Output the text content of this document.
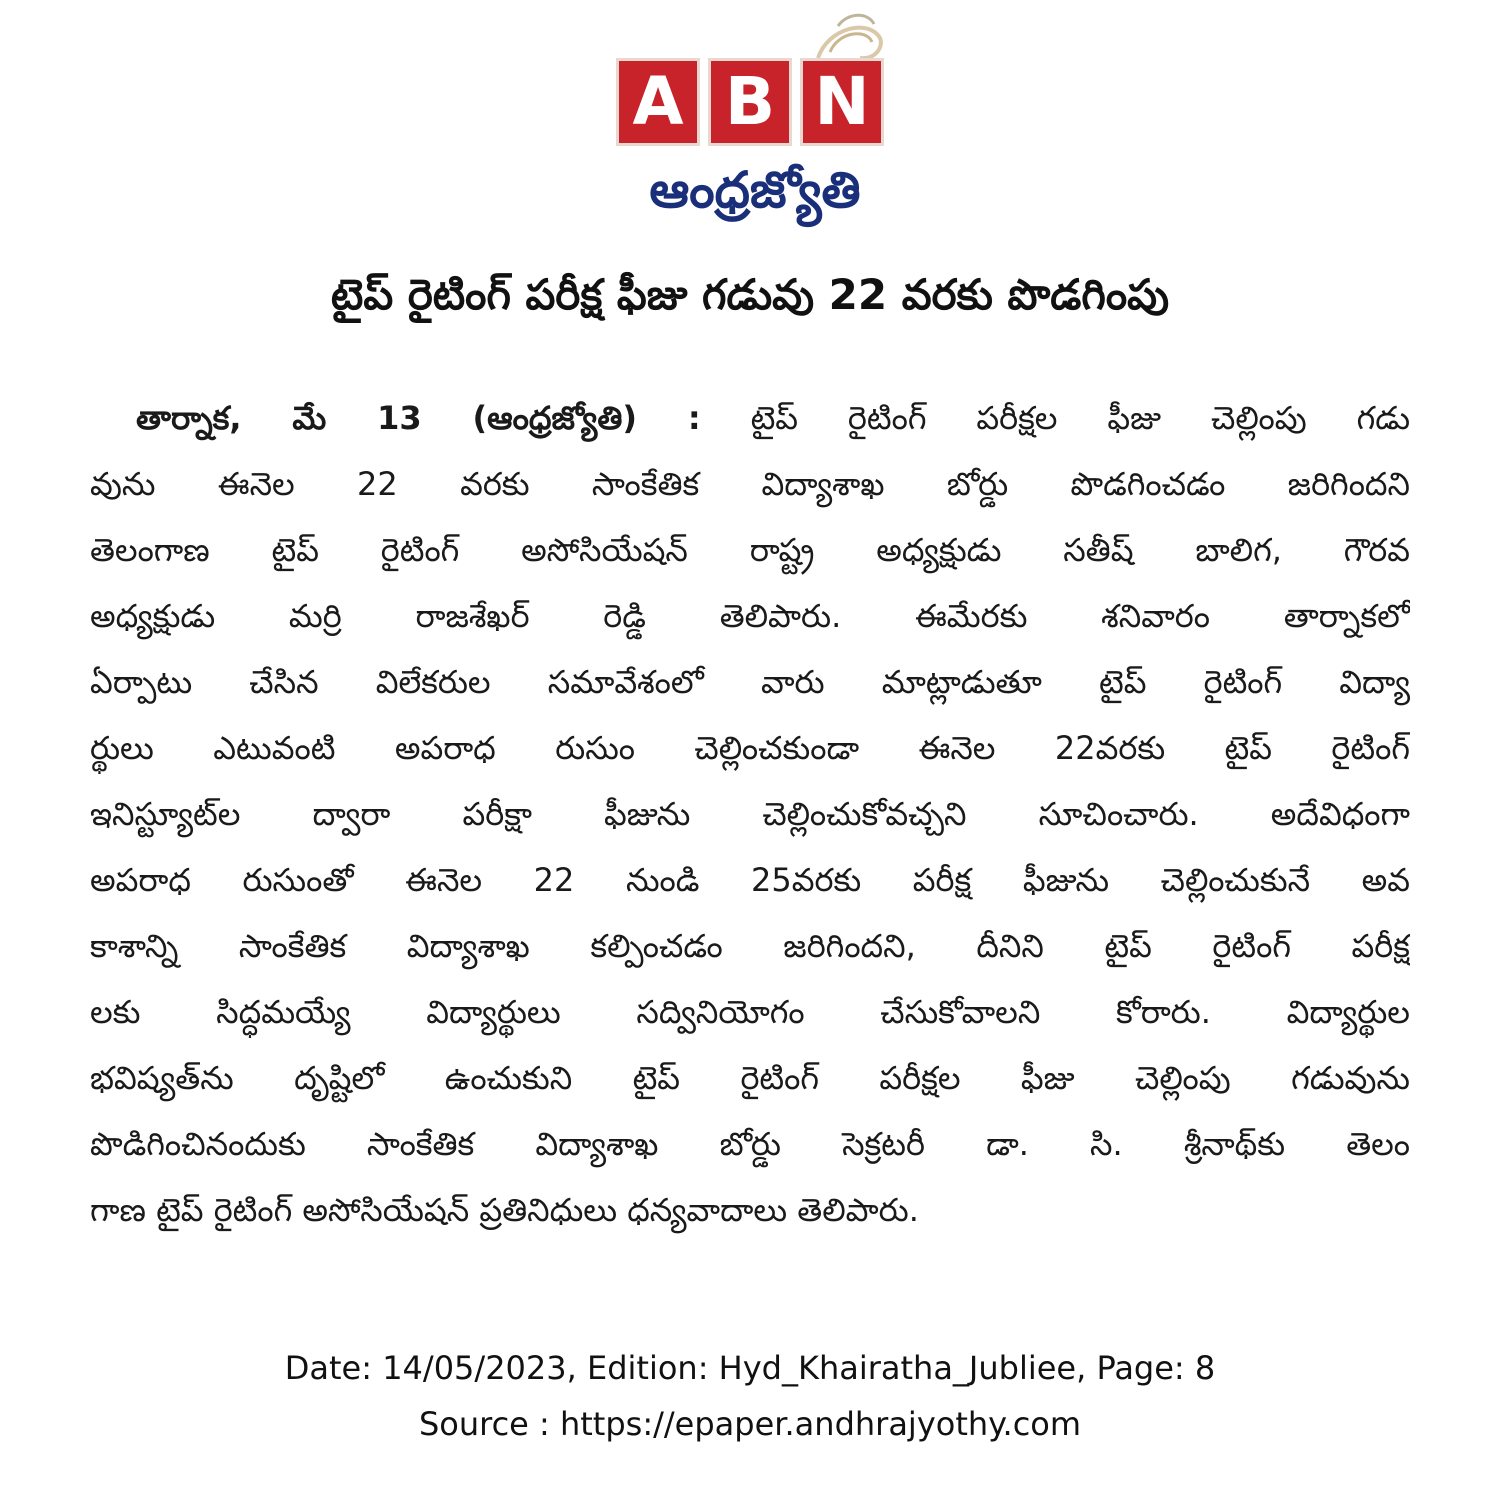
A B N
ఆంధ్రజ్యోతి
టైప్ రైటింగ్ పరీక్ష ఫీజు గడువు 22 వరకు పొడగింపు
తార్నాక, మే 13 (ఆంధ్రజ్యోతి) : టైప్ రైటింగ్ పరీక్షల ఫీజు చెల్లింపు గడు
వును ఈనెల 22 వరకు సాంకేతిక విద్యాశాఖ బోర్డు పొడగించడం జరిగిందని
తెలంగాణ టైప్ రైటింగ్ అసోసియేషన్ రాష్ట్ర అధ్యక్షుడు సతీష్ బాలిగ, గౌరవ
అధ్యక్షుడు మర్రి రాజశేఖర్ రెడ్డి తెలిపారు. ఈమేరకు శనివారం తార్నాకలో
ఏర్పాటు చేసిన విలేకరుల సమావేశంలో వారు మాట్లాడుతూ టైప్ రైటింగ్ విద్యా
ర్థులు ఎటువంటి అపరాధ రుసుం చెల్లించకుండా ఈనెల 22వరకు టైప్ రైటింగ్
ఇనిస్ట్యూట్‌ల ద్వారా పరీక్షా ఫీజును చెల్లించుకోవచ్చని సూచించారు. అదేవిధంగా
అపరాధ రుసుంతో ఈనెల 22 నుండి 25వరకు పరీక్ష ఫీజును చెల్లించుకునే అవ
కాశాన్ని సాంకేతిక విద్యాశాఖ కల్పించడం జరిగిందని, దీనిని టైప్ రైటింగ్ పరీక్ష
లకు సిద్ధమయ్యే విద్యార్థులు సద్వినియోగం చేసుకోవాలని కోరారు. విద్యార్థుల
భవిష్యత్‌ను దృష్టిలో ఉంచుకుని టైప్ రైటింగ్ పరీక్షల ఫీజు చెల్లింపు గడువును
పొడిగించినందుకు సాంకేతిక విద్యాశాఖ బోర్డు సెక్రటరీ డా. సి. శ్రీనాథ్‌కు తెలం
గాణ టైప్ రైటింగ్ అసోసియేషన్ ప్రతినిధులు ధన్యవాదాలు తెలిపారు.
Date: 14/05/2023, Edition: Hyd_Khairatha_Jubliee, Page: 8
Source : https://epaper.andhrajyothy.com
